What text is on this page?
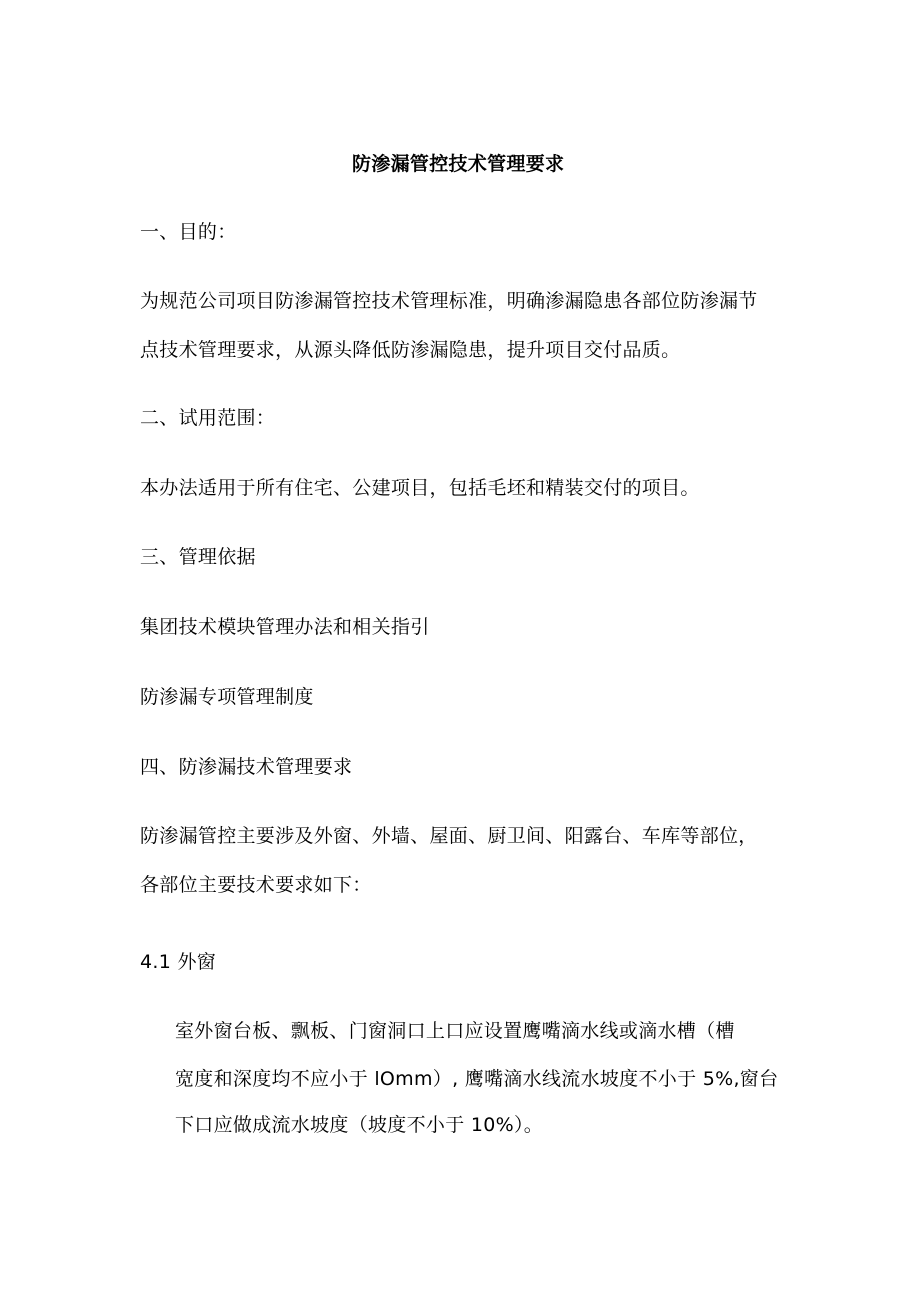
防渗漏管控技术管理要求
一、目的：
为规范公司项目防渗漏管控技术管理标准，明确渗漏隐患各部位防渗漏节
点技术管理要求，从源头降低防渗漏隐患，提升项目交付品质。
二、试用范围：
本办法适用于所有住宅、公建项目，包括毛坯和精装交付的项目。
三、管理依据
集团技术模块管理办法和相关指引
防渗漏专项管理制度
四、防渗漏技术管理要求
防渗漏管控主要涉及外窗、外墙、屋面、厨卫间、阳露台、车库等部位，
各部位主要技术要求如下：
4.1 外窗
室外窗台板、飘板、门窗洞口上口应设置鹰嘴滴水线或滴水槽（槽
宽度和深度均不应小于 lOmm）, 鹰嘴滴水线流水坡度不小于 5%,窗台
下口应做成流水坡度（坡度不小于 10%）。
